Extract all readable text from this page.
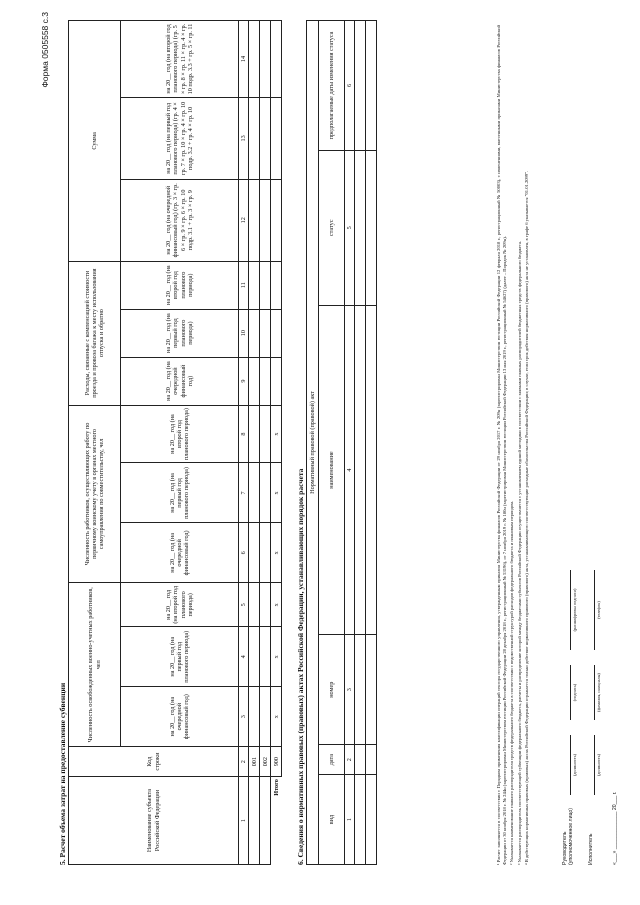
Форма 0505558 с.3
5. Расчет объема затрат на предоставление субвенции	Наименование субъекта Российской Федерации	Код строки	Численность освобожденных военно-учетных работников, чел			Численность работников, осуществляющих работу по первичному воинскому учету в органах местного самоуправления по совместительству, чел			Расходы, связанные с компенсацией стоимости проезда и провоза багажа к месту использования отпуска и обратно			Сумма		
		на 20__ год (на очередной финансовый год)	на 20__ год (на первый год планового периода)	на 20__ год (на второй год планового периода)	на 20__ год (на очередной финансовый год)	на 20__ год (на первый год планового периода)	на 20__ год (на второй год планового периода)	на 20__ год (на очередной финансовый год)	на 20__ год (на первый год планового периода)	на 20__ год (на второй год планового периода)	на 20__ год (на очередной финансовый год) (гр. 3 × гр. 6 × гр. 9 × гр. 6 × гр. 10 подр. 3.1 + гр. 3 × гр. 9	на 20__ год (на первый год планового периода) (гр. 4 × гр. 7 × гр. 10 × гр. 4 × гр. 10 подр. 3.2 + гр. 4 × гр. 10	на 20__ год (на второй год планового периода) (гр. 5 × гр. 8 × гр. 11 × гр. 4 × гр. 10 подр. 3.3 + гр. 5 × гр. 11
1	2	3	4	5	6	7	8	9	10	11	12	13	14
	001												
	002												
Итого	900	x	x	x	x	x	x						
6. Сведения о нормативных правовых (правовых) актах Российской Федерации, устанавливающих порядок расчета
Нормативный правовой (правовой) акт					
вид	дата	номер	наименование	статус	предполагаемые даты изменения статуса
1	2	3	4	5	6

						¹ Расчет заполняется в соответствии с Порядком применения классификации операций сектора государственного управления, утвержденным приказом Министерства финансов Российской Федерации от 29 ноября 2017 г. № 209н (зарегистрирован Министерством юстиции Российской Федерации 12 февраля 2018 г., регистрационный № 50003), с изменениями, внесенными приказами Министерства финансов Российской Федерации от 30 ноября 2018 г. № 244н (зарегистрирован Министерством юстиции Российской Федерации 28 декабря 2018 г., регистрационный № 53196), от 7 ноября 2019 г. № 180н (зарегистрирован Министерством юстиции Российской Федерации 13 мая 2019 г., регистрационный № 54627) (далее – Порядок № 209н). ² Указывается наименование главного распорядителя средств федерального бюджета в соответствии с ведомственной структурой расходов федерального бюджета и плановым периодом. ³ Указывается распорядитель соответствующей субвенции федерального бюджета, расчеты и распределение которой между бюджетами субъектов Российской Федерации осуществляется с установлением единой методики в соответствии с заявками главных распорядителей бюджетных средств федерального бюджета. ⁴ В действующих нормативных правовых (правовых) актах Российской Федерации отражается только действие нормативного правового (правового) акта, устанавливающего соответствующие расходные обязательства Российской Федерации; в случае, если срок действия нормативного (правового) акта не установлен, в графе 6 указывается "01.01.2099".	Руководитель (уполномоченное лицо)
(должность)
(подпись)
(расшифровка подписи)
Исполнитель
(должность)
(фамилия, инициалы)
(телефон)
«___» _____________ 20___ г.
